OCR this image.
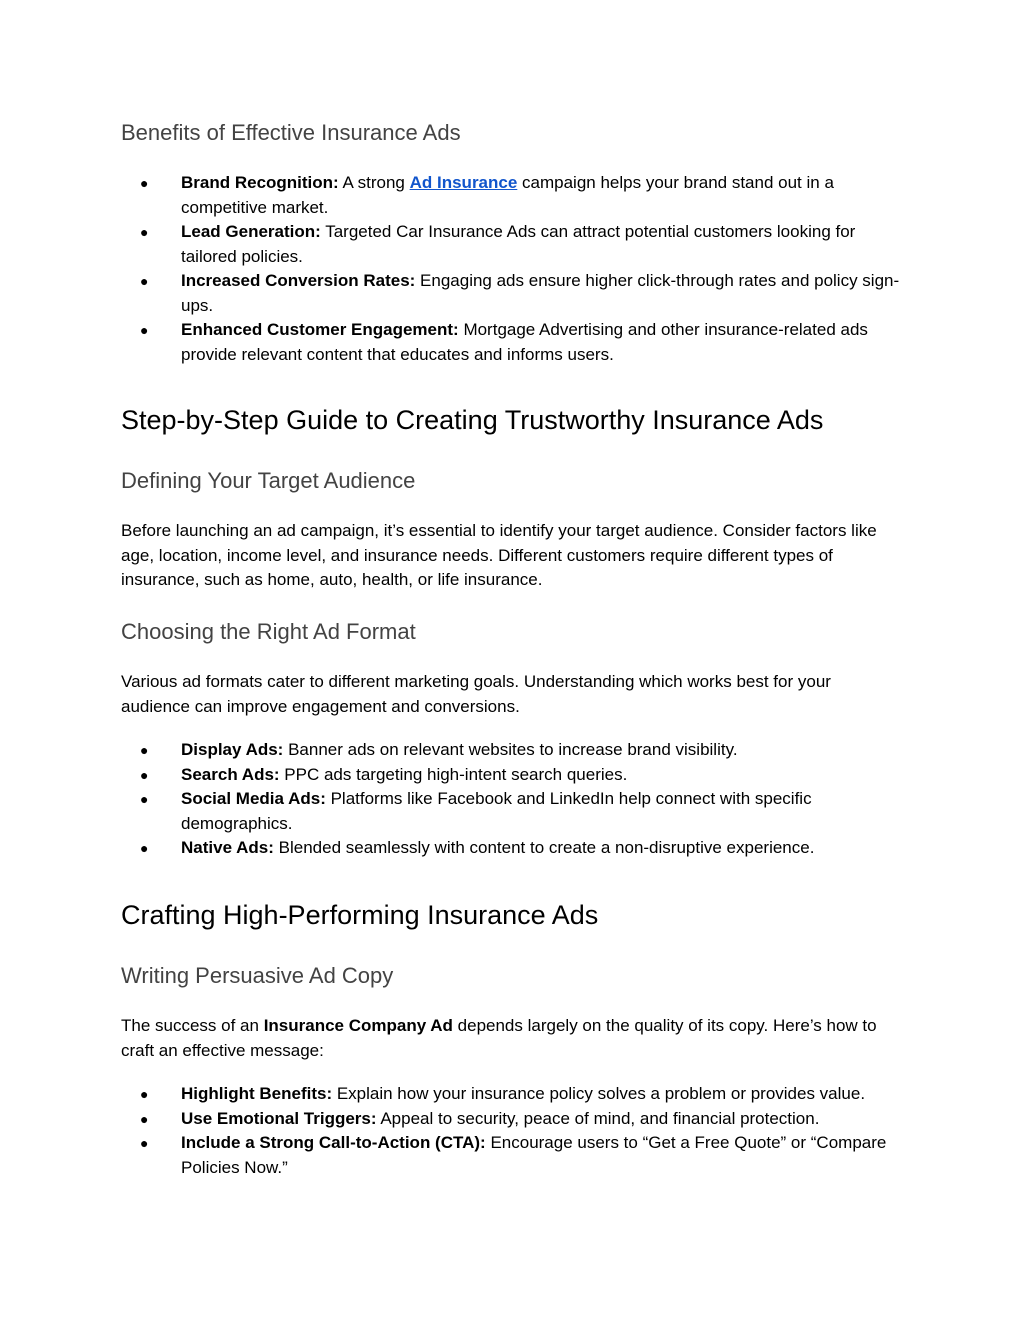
Benefits of Effective Insurance Ads
● Brand Recognition: A strong Ad Insurance campaign helps your brand stand out in a competitive market.
● Lead Generation: Targeted Car Insurance Ads can attract potential customers looking for tailored policies.
● Increased Conversion Rates: Engaging ads ensure higher click-through rates and policy sign-ups.
● Enhanced Customer Engagement: Mortgage Advertising and other insurance-related ads provide relevant content that educates and informs users.
Step-by-Step Guide to Creating Trustworthy Insurance Ads
Defining Your Target Audience

Before launching an ad campaign, it’s essential to identify your target audience. Consider factors like age, location, income level, and insurance needs. Different customers require different types of insurance, such as home, auto, health, or life insurance.

Choosing the Right Ad Format

Various ad formats cater to different marketing goals. Understanding which works best for your audience can improve engagement and conversions.

● Display Ads: Banner ads on relevant websites to increase brand visibility.
● Search Ads: PPC ads targeting high-intent search queries.
● Social Media Ads: Platforms like Facebook and LinkedIn help connect with specific demographics.
● Native Ads: Blended seamlessly with content to create a non-disruptive experience.
Crafting High-Performing Insurance Ads
Writing Persuasive Ad Copy

The success of an Insurance Company Ad depends largely on the quality of its copy. Here’s how to craft an effective message:

● Highlight Benefits: Explain how your insurance policy solves a problem or provides value.
● Use Emotional Triggers: Appeal to security, peace of mind, and financial protection.
● Include a Strong Call-to-Action (CTA): Encourage users to “Get a Free Quote” or “Compare Policies Now.”
